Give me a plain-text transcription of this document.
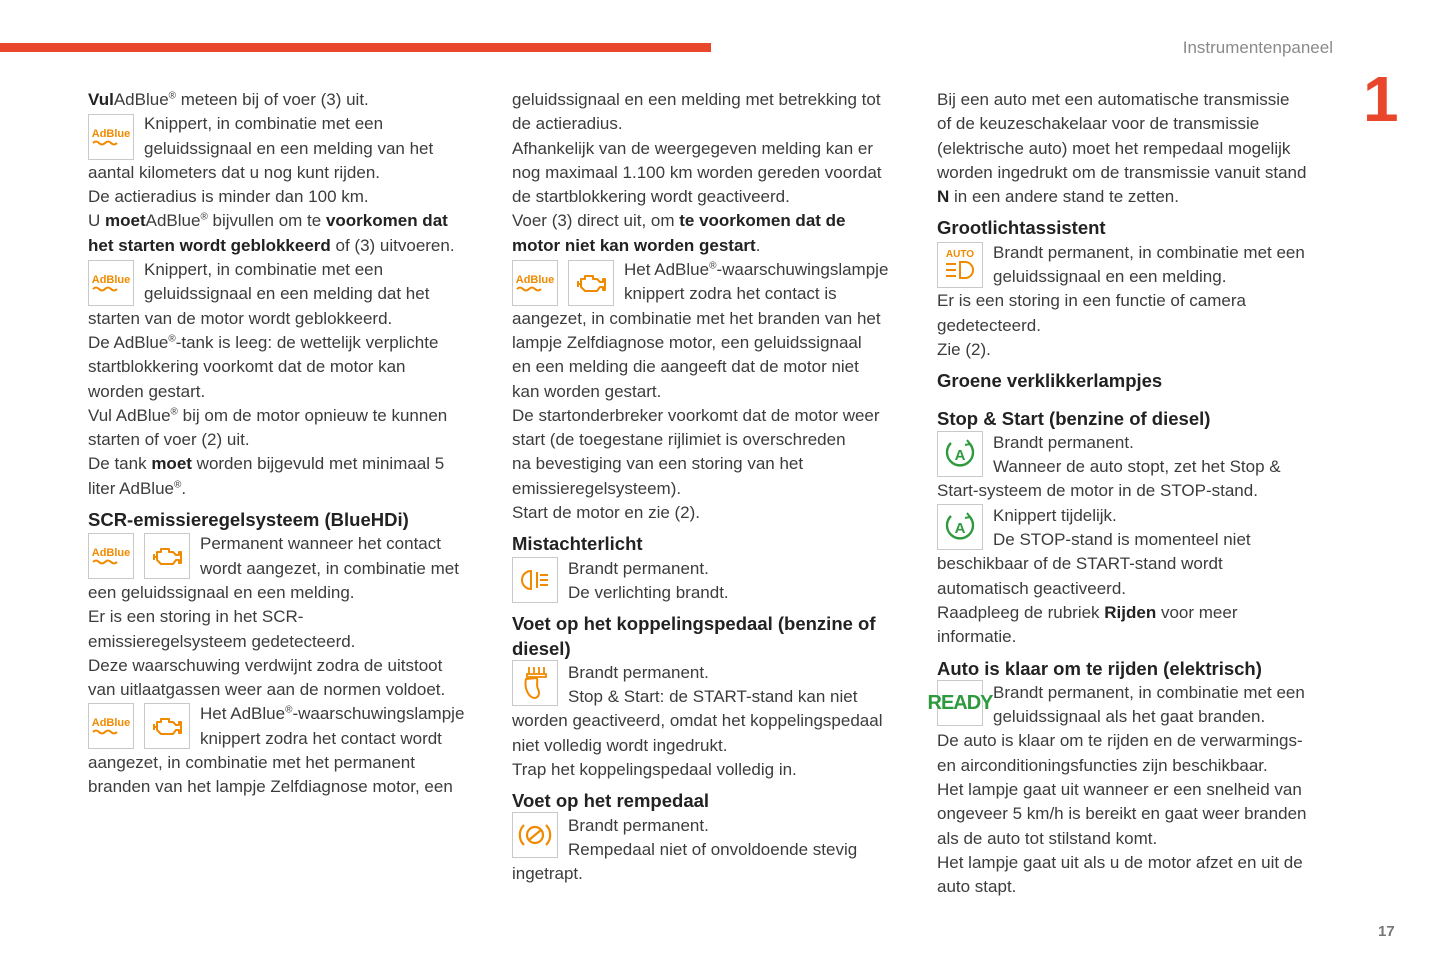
Instrumentenpaneel
1
17
VulAdBlue® meteen bij of voer (3) uit.
Knippert, in combinatie met een
geluidssignaal en een melding van het
aantal kilometers dat u nog kunt rijden.
De actieradius is minder dan 100 km.
U moetAdBlue® bijvullen om te voorkomen dat
het starten wordt geblokkeerd of (3) uitvoeren.
Knippert, in combinatie met een
geluidssignaal en een melding dat het
starten van de motor wordt geblokkeerd.
De AdBlue®-tank is leeg: de wettelijk verplichte
startblokkering voorkomt dat de motor kan
worden gestart.
Vul AdBlue® bij om de motor opnieuw te kunnen
starten of voer (2) uit.
De tank moet worden bijgevuld met minimaal 5
liter AdBlue®.
SCR-emissieregelsysteem (BlueHDi)
Permanent wanneer het contact
wordt aangezet, in combinatie met
een geluidssignaal en een melding.
Er is een storing in het SCR-
emissieregelsysteem gedetecteerd.
Deze waarschuwing verdwijnt zodra de uitstoot
van uitlaatgassen weer aan de normen voldoet.
Het AdBlue®-waarschuwingslampje
knippert zodra het contact wordt
aangezet, in combinatie met het permanent
branden van het lampje Zelfdiagnose motor, een
AdBlue

AdBlue

AdBlue

AdBlue

geluidssignaal en een melding met betrekking tot
de actieradius.
Afhankelijk van de weergegeven melding kan er
nog maximaal 1.100 km worden gereden voordat
de startblokkering wordt geactiveerd.
Voer (3) direct uit, om te voorkomen dat de
motor niet kan worden gestart.
Het AdBlue®-waarschuwingslampje
knippert zodra het contact is
aangezet, in combinatie met het branden van het
lampje Zelfdiagnose motor, een geluidssignaal
en een melding die aangeeft dat de motor niet
kan worden gestart.
De startonderbreker voorkomt dat de motor weer
start (de toegestane rijlimiet is overschreden
na bevestiging van een storing van het
emissieregelsysteem).
Start de motor en zie (2).
Mistachterlicht
Brandt permanent.
De verlichting brandt.
Voet op het koppelingspedaal (benzine of
diesel)
Brandt permanent.
Stop & Start: de START-stand kan niet
worden geactiveerd, omdat het koppelingspedaal
niet volledig wordt ingedrukt.
Trap het koppelingspedaal volledig in.
Voet op het rempedaal
Brandt permanent.
Rempedaal niet of onvoldoende stevig
ingetrapt.
AdBlue

Bij een auto met een automatische transmissie
of de keuzeschakelaar voor de transmissie
(elektrische auto) moet het rempedaal mogelijk
worden ingedrukt om de transmissie vanuit stand
N in een andere stand te zetten.
Grootlichtassistent
Brandt permanent, in combinatie met een
geluidssignaal en een melding.
Er is een storing in een functie of camera
gedetecteerd.
Zie (2).
Groene verklikkerlampjes
Stop & Start (benzine of diesel)
Brandt permanent.
Wanneer de auto stopt, zet het Stop &
Start-systeem de motor in de STOP-stand.
Knippert tijdelijk.
De STOP-stand is momenteel niet
beschikbaar of de START-stand wordt
automatisch geactiveerd.
Raadpleeg de rubriek Rijden voor meer
informatie.
Auto is klaar om te rijden (elektrisch)
Brandt permanent, in combinatie met een
geluidssignaal als het gaat branden.
De auto is klaar om te rijden en de verwarmings-
en airconditioningsfuncties zijn beschikbaar.
Het lampje gaat uit wanneer er een snelheid van
ongeveer 5 km/h is bereikt en gaat weer branden
als de auto tot stilstand komt.
Het lampje gaat uit als u de motor afzet en uit de
auto stapt.
AUTO
A
A
READY
